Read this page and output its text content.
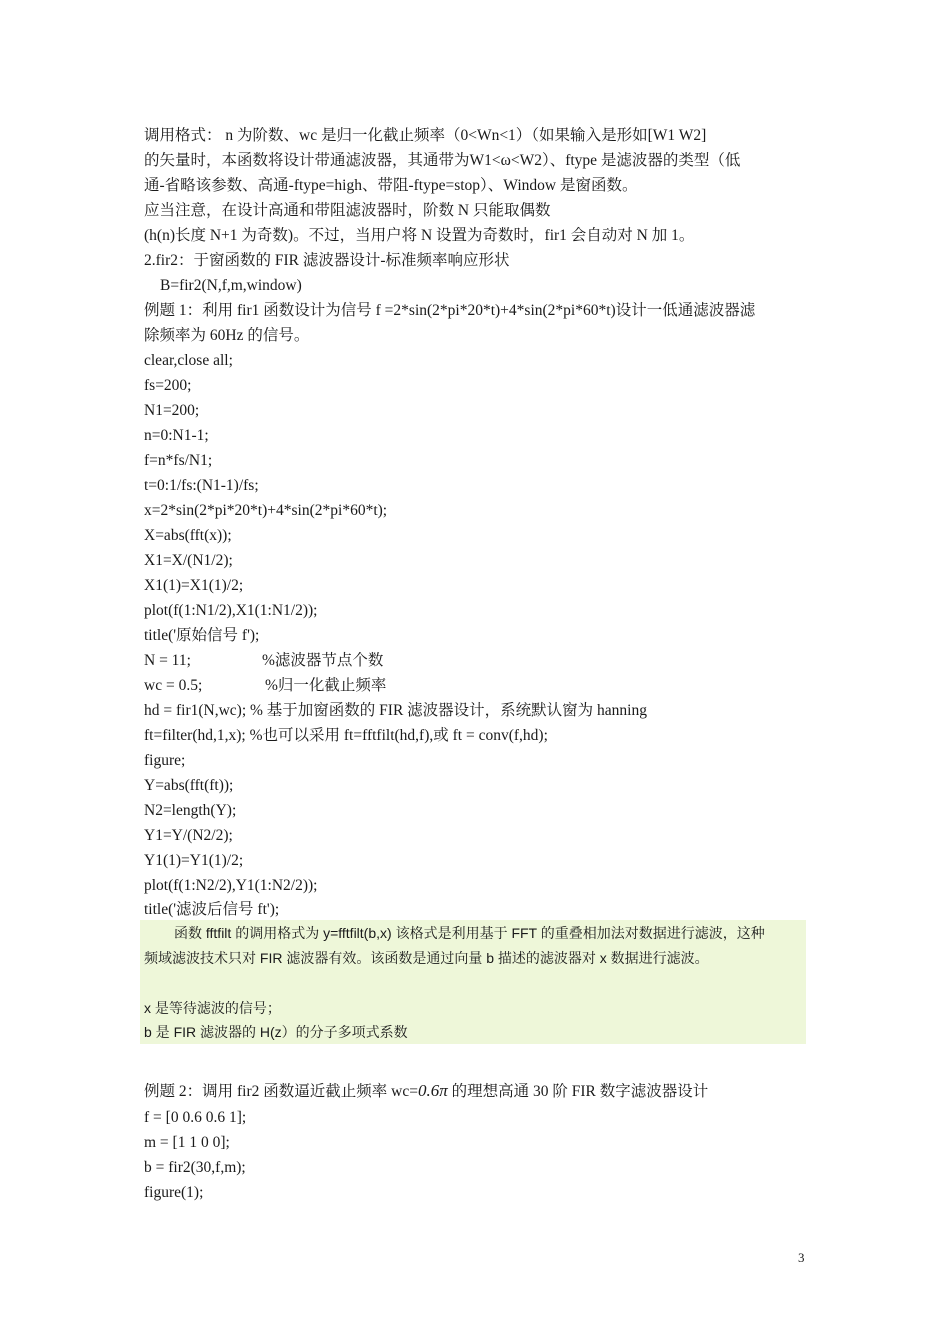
调用格式： n 为阶数、wc 是归一化截止频率（0<Wn<1）（如果输入是形如[W1 W2]
的矢量时，本函数将设计带通滤波器，其通带为W1<ω<W2）、ftype 是滤波器的类型（低
通-省略该参数、高通-ftype=high、带阻-ftype=stop）、Window 是窗函数。
应当注意，在设计高通和带阻滤波器时，阶数 N 只能取偶数
(h(n)长度 N+1 为奇数)。不过，当用户将 N 设置为奇数时，fir1 会自动对 N 加 1。
2.fir2：于窗函数的 FIR 滤波器设计-标准频率响应形状
B=fir2(N,f,m,window)
例题 1：利用 fir1 函数设计为信号 f =2*sin(2*pi*20*t)+4*sin(2*pi*60*t)设计一低通滤波器滤
除频率为 60Hz 的信号。
clear,close all;
fs=200;
N1=200;
n=0:N1-1;
f=n*fs/N1;
t=0:1/fs:(N1-1)/fs;
x=2*sin(2*pi*20*t)+4*sin(2*pi*60*t);
X=abs(fft(x));
X1=X/(N1/2);
X1(1)=X1(1)/2;
plot(f(1:N1/2),X1(1:N1/2));
title('原始信号 f');
N = 11;	%滤波器节点个数
wc = 0.5;	%归一化截止频率
hd = fir1(N,wc); % 基于加窗函数的 FIR 滤波器设计，系统默认窗为 hanning
ft=filter(hd,1,x); %也可以采用 ft=fftfilt(hd,f),或 ft = conv(f,hd);
figure;
Y=abs(fft(ft));
N2=length(Y);
Y1=Y/(N2/2);
Y1(1)=Y1(1)/2;
plot(f(1:N2/2),Y1(1:N2/2));
title('滤波后信号 ft');
函数 fftfilt 的调用格式为 y=fftfilt(b,x) 该格式是利用基于 FFT 的重叠相加法对数据进行滤波，这种
频域滤波技术只对 FIR 滤波器有效。该函数是通过向量 b 描述的滤波器对 x 数据进行滤波。
x 是等待滤波的信号；
b 是 FIR 滤波器的 H(z）的分子多项式系数
例题 2：调用 fir2 函数逼近截止频率 wc=0.6π 的理想高通 30 阶 FIR 数字滤波器设计
f = [0 0.6 0.6 1];
m = [1 1 0 0];
b = fir2(30,f,m);
figure(1);
3
